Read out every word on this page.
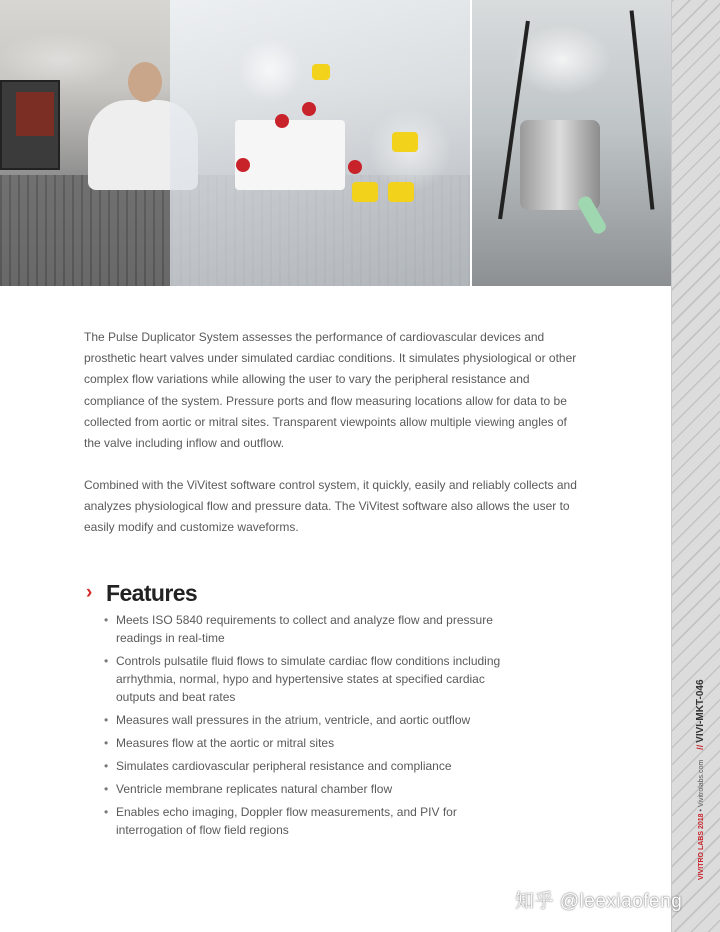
VIVITRO LABS 2018 • Vivitrolabs.com // VIVI-MKT-046

The Pulse Duplicator System assesses the performance of cardiovascular devices and prosthetic heart valves under simulated cardiac conditions. It simulates physiological or other complex flow variations while allowing the user to vary the peripheral resistance and compliance of the system. Pressure ports and flow measuring locations allow for data to be collected from aortic or mitral sites. Transparent viewpoints allow multiple viewing angles of the valve including inflow and outflow.

Combined with the ViVitest software control system, it quickly, easily and reliably collects and analyzes physiological flow and pressure data. The ViVitest software also allows the user to easily modify and customize waveforms.

› Features
• Meets ISO 5840 requirements to collect and analyze flow and pressure readings in real-time
• Controls pulsatile fluid flows to simulate cardiac flow conditions including arrhythmia, normal, hypo and hypertensive states at specified cardiac outputs and beat rates
• Measures wall pressures in the atrium, ventricle, and aortic outflow
• Measures flow at the aortic or mitral sites
• Simulates cardiovascular peripheral resistance and compliance
• Ventricle membrane replicates natural chamber flow
• Enables echo imaging, Doppler flow measurements, and PIV for interrogation of flow field regions
知乎 @leexiaofeng
